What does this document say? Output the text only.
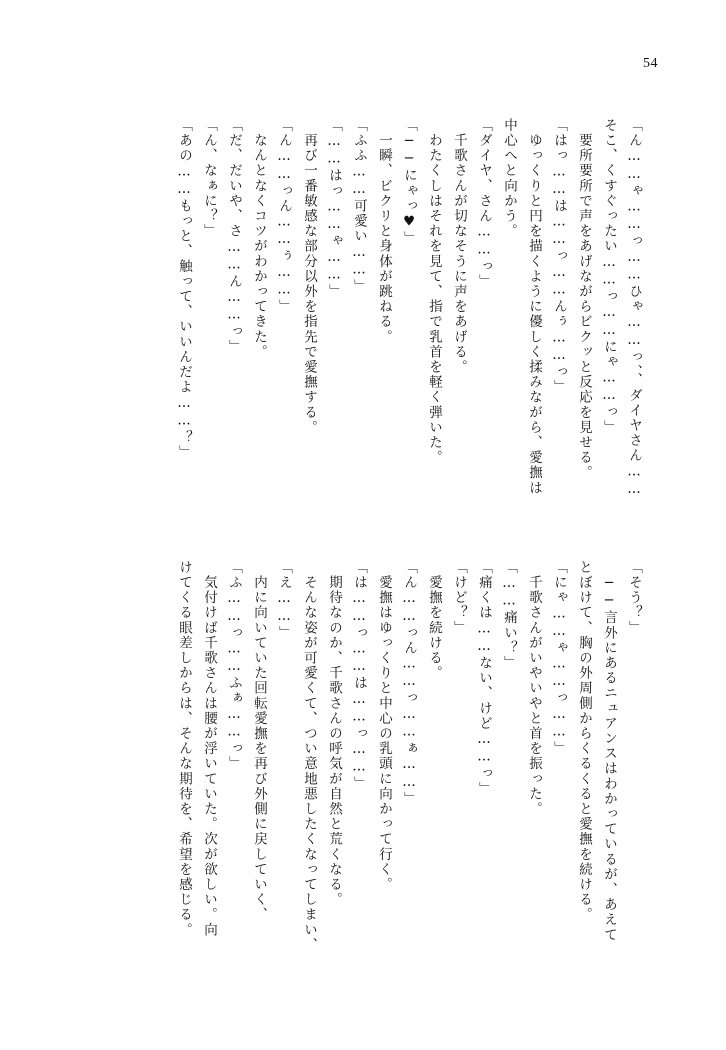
54
「ん……ゃ……っ……ひゃ……っ、、ダイヤさん……
そこ、くすぐったい……っ……にゃ……っ」
　要所要所で声をあげながらビクッと反応を見せる。
「はっ……は……っ……んぅ……っ」
　ゆっくりと円を描くように優しく揉みながら、愛撫は
中心へと向かう。
「ダイヤ、さん……っ」
　千歌さんが切なそうに声をあげる。
　わたくしはそれを見て、指で乳首を軽く弾いた。
「──にゃっ♥」
　一瞬、ビクリと身体が跳ねる。
「ふふ……可愛い……」
「……はっ……ゃ……」
　再び一番敏感な部分以外を指先で愛撫する。
「ん……っん……ぅ……」
　なんとなくコツがわかってきた。
「だ、だいや、さ……ん……っ」
「ん、なぁに？」
「あの……もっと、触って、いいんだよ……？」
「そう？」
　──言外にあるニュアンスはわかっているが、あえて
とぼけて、胸の外周側からくるくると愛撫を続ける。
「にゃ……ゃ……っ……」
　千歌さんがいやいやと首を振った。
「……痛い？」
「痛くは……ない、けど……っ」
「けど？」
　愛撫を続ける。
「ん……っん……っ……ぁ……」
　愛撫はゆっくりと中心の乳頭に向かって行く。
「は……っ……は……っ……」
　期待なのか、千歌さんの呼気が自然と荒くなる。
　そんな姿が可愛くて、つい意地悪したくなってしまい、
「え……」
　内に向いていた回転愛撫を再び外側に戻していく、
「ふ……っ……ふぁ……っ」
　気付けば千歌さんは腰が浮いていた。次が欲しい。向
けてくる眼差しからは、そんな期待を、希望を感じる。
